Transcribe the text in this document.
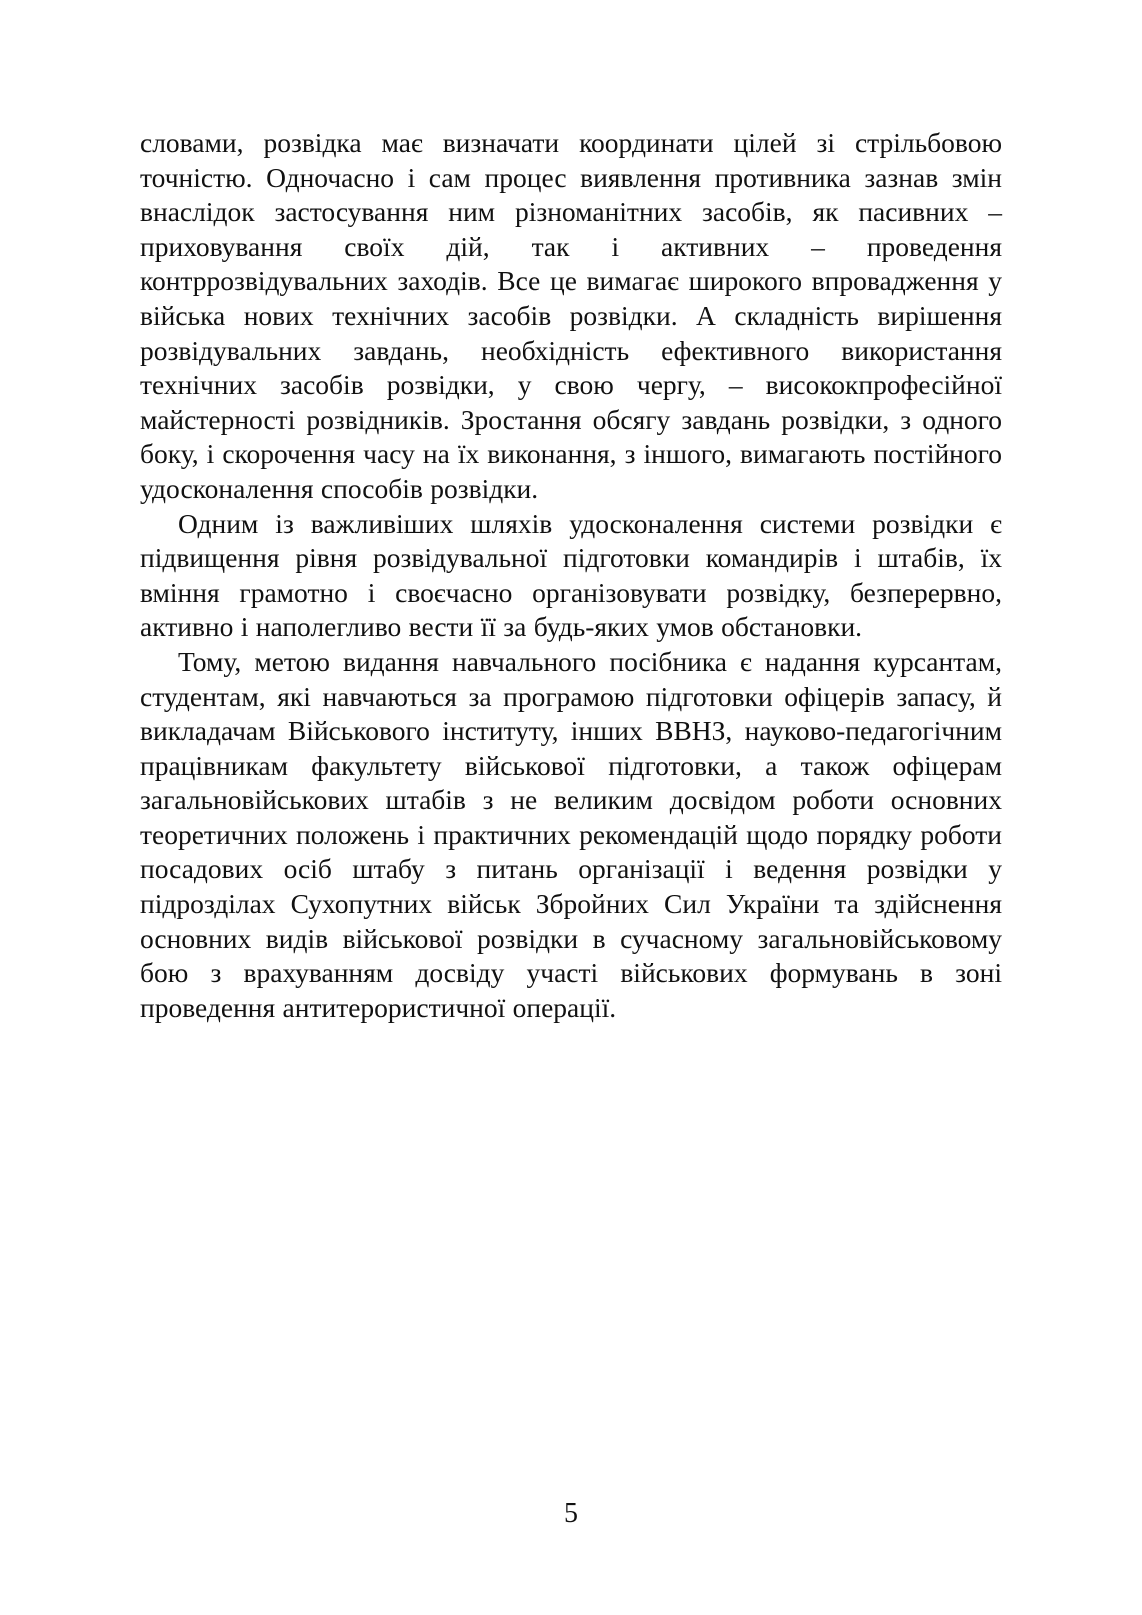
словами, розвідка має визначати координати цілей зі стрільбовою точністю. Одночасно і сам процес виявлення противника зазнав змін внаслідок застосування ним різноманітних засобів, як пасивних – приховування своїх дій, так і активних – проведення контррозвідувальних заходів. Все це вимагає широкого впровадження у війська нових технічних засобів розвідки. А складність вирішення розвідувальних завдань, необхідність ефективного використання технічних засобів розвідки, у свою чергу, – висококпрофесійної майстерності розвідників. Зростання обсягу завдань розвідки, з одного боку, і скорочення часу на їх виконання, з іншого, вимагають постійного удосконалення способів розвідки.

Одним із важливіших шляхів удосконалення системи розвідки є підвищення рівня розвідувальної підготовки командирів і штабів, їх вміння грамотно і своєчасно організовувати розвідку, безперервно, активно і наполегливо вести її за будь-яких умов обстановки.

Тому, метою видання навчального посібника є надання курсантам, студентам, які навчаються за програмою підготовки офіцерів запасу, й викладачам Військового інституту, інших ВВНЗ, науково-педагогічним працівникам факультету військової підготовки, а також офіцерам загальновійськових штабів з не великим досвідом роботи основних теоретичних положень і практичних рекомендацій щодо порядку роботи посадових осіб штабу з питань організації і ведення розвідки у підрозділах Сухопутних військ Збройних Сил України та здійснення основних видів військової розвідки в сучасному загальновійськовому бою з врахуванням досвіду участі військових формувань в зоні проведення антитерористичної операції.

5
